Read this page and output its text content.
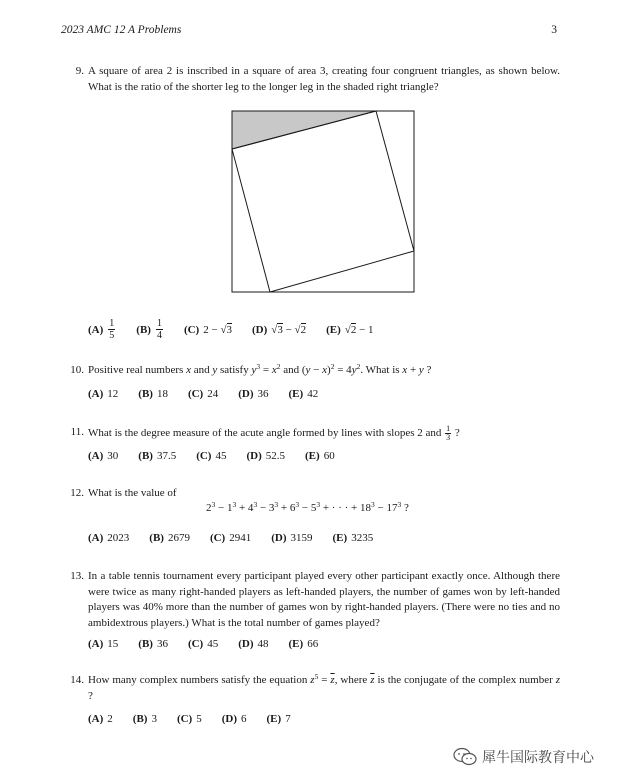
2023 AMC 12 A Problems	3
9. A square of area 2 is inscribed in a square of area 3, creating four congruent triangles, as shown below. What is the ratio of the shorter leg to the longer leg in the shaded right triangle?
$(A) \frac{1}{5} (B) \frac{1}{4} (C) 2$ − √ 3 (D) √ 3
− √ 2 (E) √ 2
− 1
10. Positive real numbers x and y satisfy $y^3 = x^2$ and $(y - x)^2 = 4y^2$. What is x + y ?
(A) 12 (B) 18 (C) 24 (D) 36 (E) 42
11. What is the degree measure of the acute angle formed by lines with slopes 2 and
$\frac{1}{3}$
?
(A) 30 (B) 37.5 (C) 45 (D) 52.5 (E) 60
12. What is the value of
$2^3 - 1^3 + 4^3 - 3^3 + 6^3 - 5^3$ + · · · + $18^3 - 17^3$ ?
(A) 2023 (B) 2679 (C) 2941 (D) 3159 (E) 3235
13. In a table tennis tournament every participant played every other participant exactly once. Although there were twice as many right-handed players as left-handed players, the number of games won by left-handed players was 40% more than the number of games won by right-handed players. (There were no ties and no ambidextrous players.) What is the total number of games played?
(A) 15 (B) 36 (C) 45 (D) 48 (E) 66
14. How many complex numbers satisfy the equation $z^5 = \overline{z}$, where $\overline{z}$ is the conjugate of the complex number z ?
(A) 2 (B) 3 (C) 5 (D) 6 (E) 7
犀牛国际教育中心
